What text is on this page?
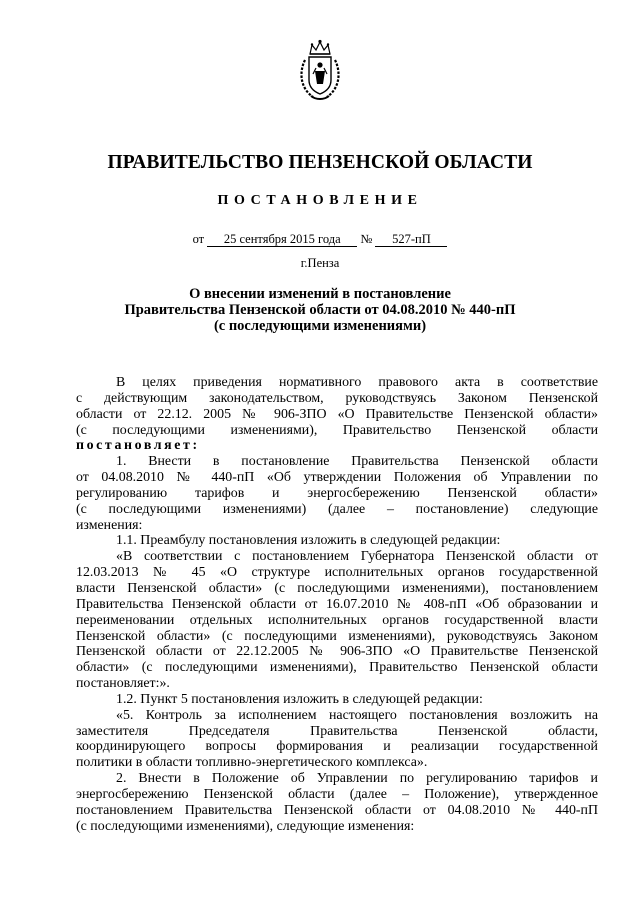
ПРАВИТЕЛЬСТВО ПЕНЗЕНСКОЙ ОБЛАСТИ
ПОСТАНОВЛЕНИЕ
от 25 сентября 2015 года № 527-пП
г.Пенза
О внесении изменений в постановление
Правительства Пензенской области от 04.08.2010 № 440-пП
(с последующими изменениями)
В целях приведения нормативного правового акта в соответствие
с действующим законодательством, руководствуясь Законом Пензенской
области от 22.12. 2005 № 906-ЗПО «О Правительстве Пензенской области»
(с последующими изменениями), Правительство Пензенской области
постановляет:
1. Внести в постановление Правительства Пензенской области
от 04.08.2010 № 440-пП «Об утверждении Положения об Управлении по
регулированию тарифов и энергосбережению Пензенской области»
(с последующими изменениями) (далее – постановление) следующие
изменения:
1.1. Преамбулу постановления изложить в следующей редакции:
«В соответствии с постановлением Губернатора Пензенской области от
12.03.2013 № 45 «О структуре исполнительных органов государственной
власти Пензенской области» (с последующими изменениями), постановлением
Правительства Пензенской области от 16.07.2010 № 408-пП «Об образовании и
переименовании отдельных исполнительных органов государственной власти
Пензенской области» (с последующими изменениями), руководствуясь Законом
Пензенской области от 22.12.2005 № 906-ЗПО «О Правительстве Пензенской
области» (с последующими изменениями), Правительство Пензенской области
постановляет:».
1.2. Пункт 5 постановления изложить в следующей редакции:
«5. Контроль за исполнением настоящего постановления возложить на
заместителя Председателя Правительства Пензенской области,
координирующего вопросы формирования и реализации государственной
политики в области топливно-энергетического комплекса».
2. Внести в Положение об Управлении по регулированию тарифов и
энергосбережению Пензенской области (далее – Положение), утвержденное
постановлением Правительства Пензенской области от 04.08.2010 № 440-пП
(с последующими изменениями), следующие изменения:
